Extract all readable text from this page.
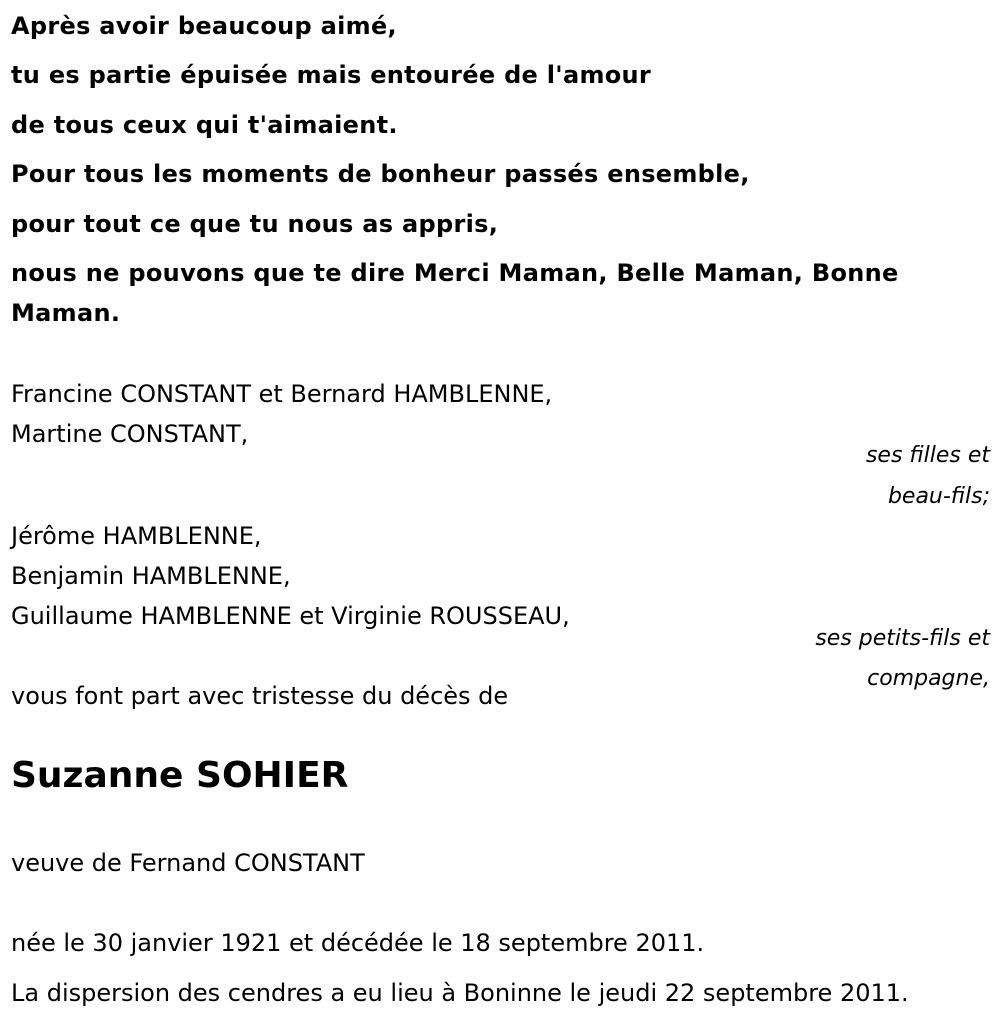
Après avoir beaucoup aimé,
tu es partie épuisée mais entourée de l'amour
de tous ceux qui t'aimaient.
Pour tous les moments de bonheur passés ensemble,
pour tout ce que tu nous as appris,
nous ne pouvons que te dire Merci Maman, Belle Maman, Bonne
Maman.
Francine CONSTANT et Bernard HAMBLENNE,
Martine CONSTANT,
ses filles et
beau-fils;
Jérôme HAMBLENNE,
Benjamin HAMBLENNE,
Guillaume HAMBLENNE et Virginie ROUSSEAU,
ses petits-fils et
compagne,
vous font part avec tristesse du décès de
Suzanne SOHIER
veuve de Fernand CONSTANT
née le 30 janvier 1921 et décédée le 18 septembre 2011.
La dispersion des cendres a eu lieu à Boninne le jeudi 22 septembre 2011.
